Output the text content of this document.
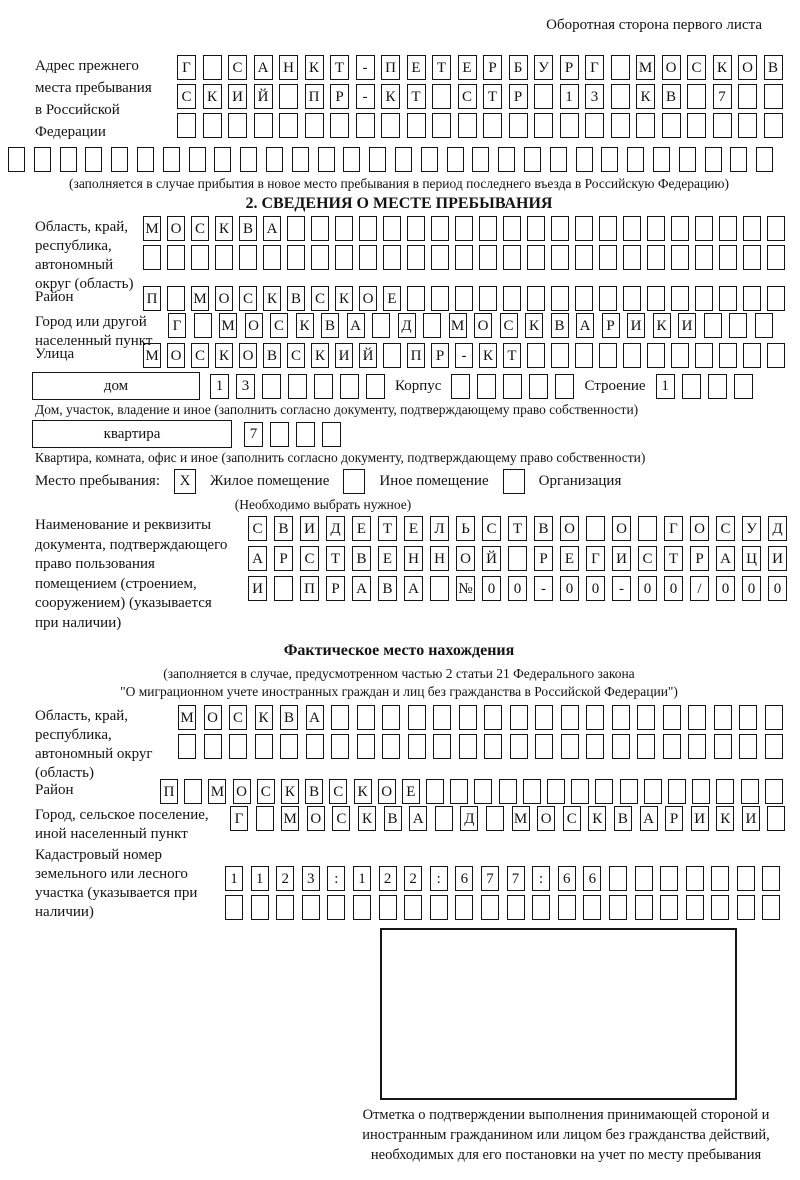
Оборотная сторона первого листа
Адрес прежнего места пребывания в Российской Федерации
Г	С	А Н К	Т	-	П	Е	Т	Е	Р	Б	У	Р	Г	М О С	К	О В
С	К	И Й	П	Р	-	К	Т	С	Т	Р	1	3	К	В	7
(заполняется в случае прибытия в новое место пребывания в период последнего въезда в Российскую Федерацию)
2. СВЕДЕНИЯ О МЕСТЕ ПРЕБЫВАНИЯ
Область, край, республика, автономный округ (область)
М О С К В А
Район	П М О С К В С К О Е
Город или другой населенный пункт
Г	М О С К В А	Д	М О С К В А	Р	И К И
Улица	М О С К О В С К И Й П Р	-	К Т
дом	1	3	Корпус	Строение	1
Дом, участок, владение и иное (заполнить согласно документу, подтверждающему право собственности)
квартира	7
Квартира, комната, офис и иное (заполнить согласно документу, подтверждающему право собственности)
Место пребывания:	X	Жилое помещение	Иное помещение	Организация
(Необходимо выбрать нужное)
Наименование и реквизиты документа, подтверждающего право пользования помещением (строением, сооружением) (указывается при наличии)
С	В	И Д	Е	Т	Е	Л	Ь	С	Т	В	О	О	Г	О С	У Д
А	Р	С	Т	В	Е	Н Н О Й	Р	Е	Г	И С	Т	Р	А Ц И
И	П	Р	А В	А	№	0	0	-	0	0	-	0	0	/	0	0	0
Фактическое место нахождения
(заполняется в случае, предусмотренном частью 2 статьи 21 Федерального закона
"О миграционном учете иностранных граждан и лиц без гражданства в Российской Федерации")
Область, край, республика, автономный округ (область)
М О С К В А
Район	П М О С К В С К О Е
Город, сельское поселение, иной населенный пункт
Г	М О С К В А	Д	М О С К В А	Р	И К И
Кадастровый номер земельного или лесного участка (указывается при наличии)
1	1	2	3	:	1	2	2	:	6	7	7	:	6	6
Отметка о подтверждении выполнения принимающей стороной и иностранным гражданином или лицом без гражданства действий, необходимых для его постановки на учет по месту пребывания
